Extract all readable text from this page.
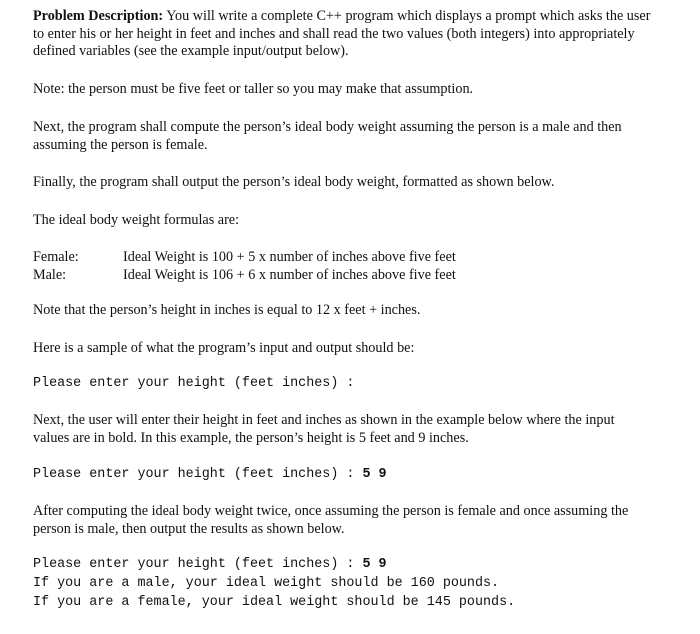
Problem Description: You will write a complete C++ program which displays a prompt which asks the user to enter his or her height in feet and inches and shall read the two values (both integers) into appropriately defined variables (see the example input/output below).

Note: the person must be five feet or taller so you may make that assumption.

Next, the program shall compute the person’s ideal body weight assuming the person is a male and then assuming the person is female.

Finally, the program shall output the person’s ideal body weight, formatted as shown below.

The ideal body weight formulas are:

Female:	Ideal Weight is 100 + 5 x number of inches above five feet
Male:	Ideal Weight is 106 + 6 x number of inches above five feet

Note that the person’s height in inches is equal to 12 x feet + inches.

Here is a sample of what the program’s input and output should be:

Please enter your height (feet inches) :

Next, the user will enter their height in feet and inches as shown in the example below where the input values are in bold. In this example, the person’s height is 5 feet and 9 inches.

Please enter your height (feet inches) : 5 9

After computing the ideal body weight twice, once assuming the person is female and once assuming the person is male, then output the results as shown below.

Please enter your height (feet inches) : 5 9
If you are a male, your ideal weight should be 160 pounds.
If you are a female, your ideal weight should be 145 pounds.
